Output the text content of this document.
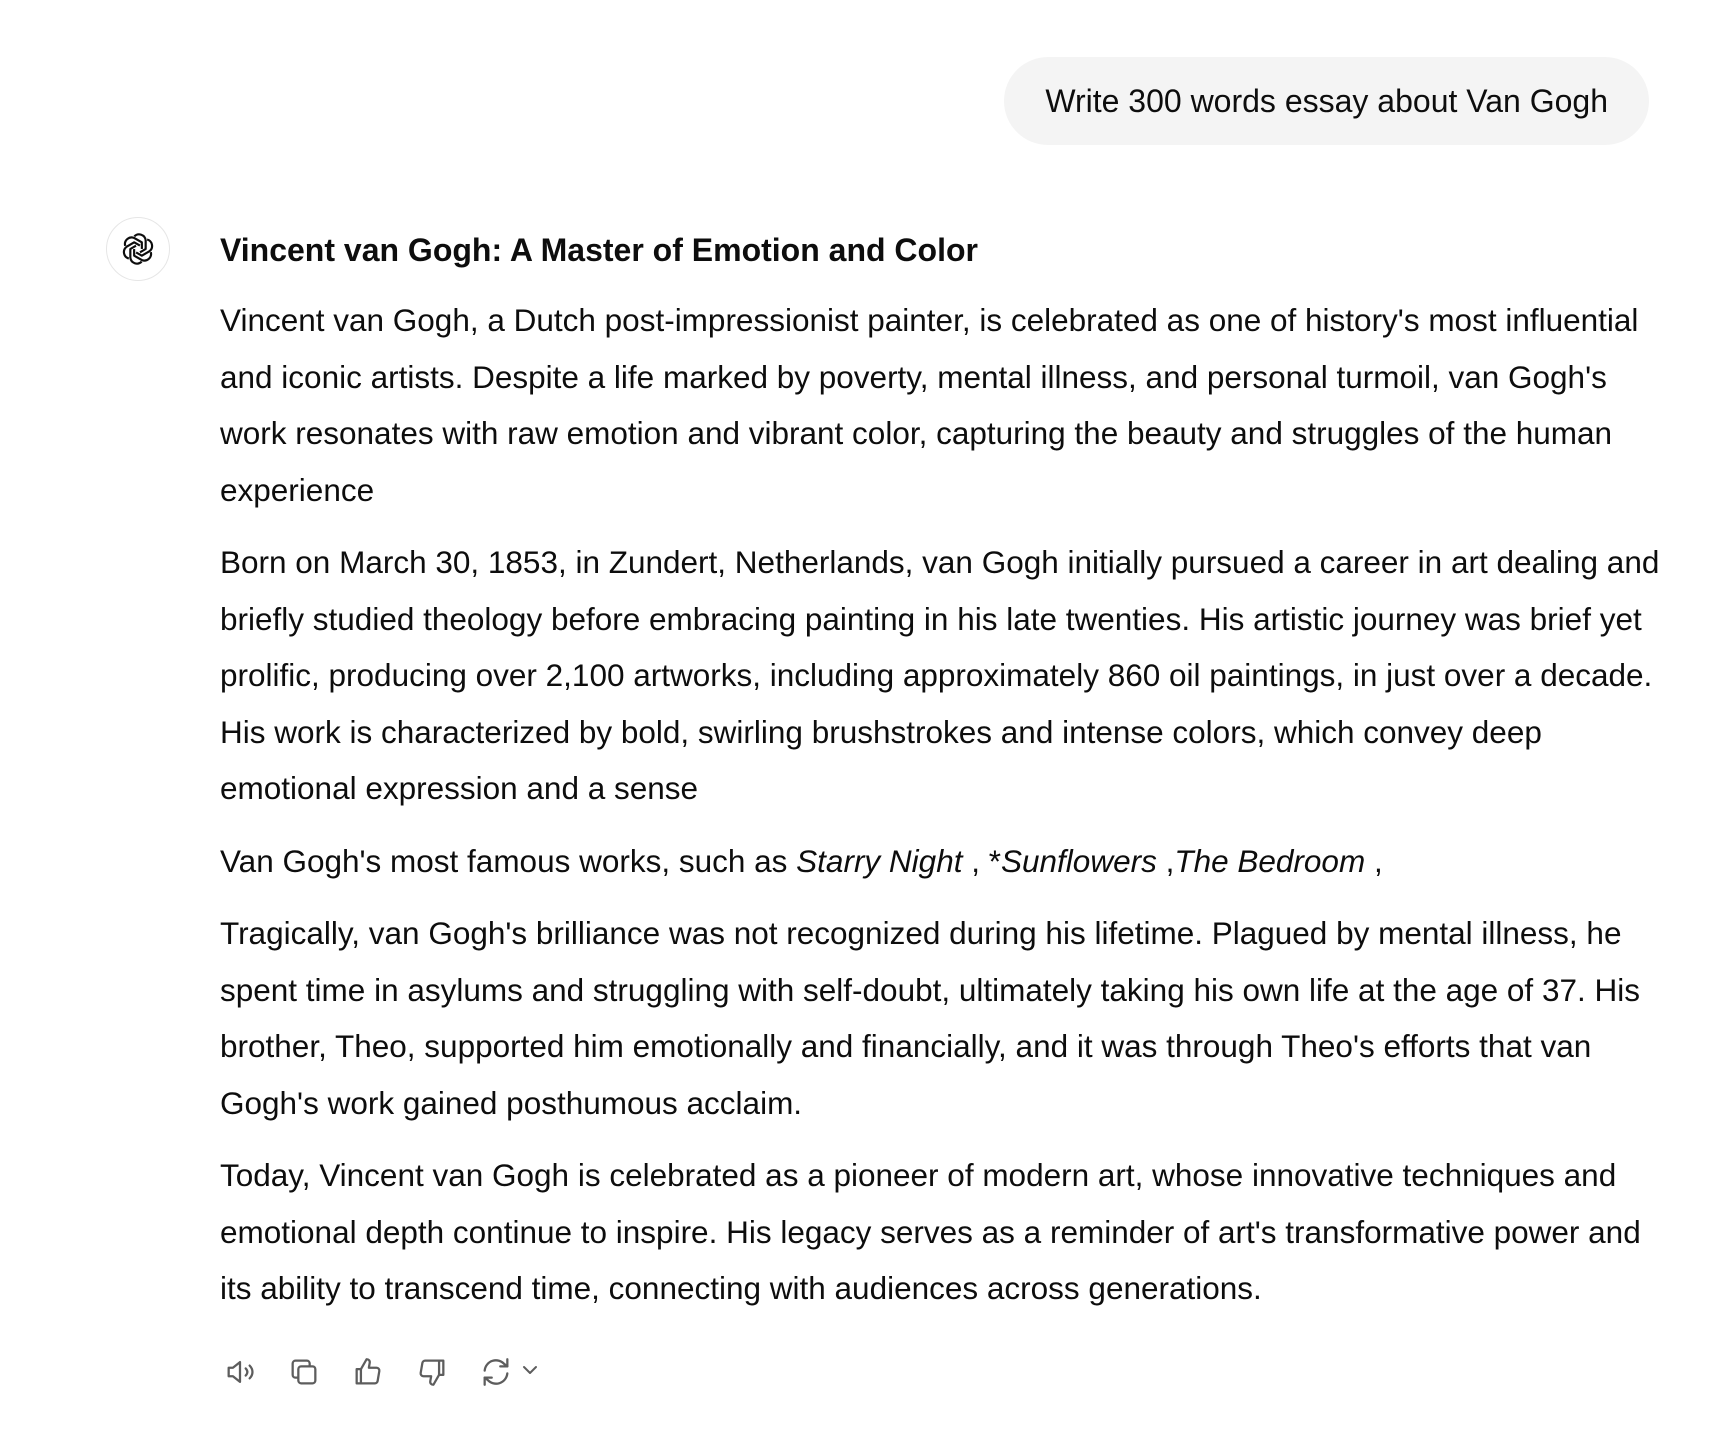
Write 300 words essay about Van Gogh
Vincent van Gogh: A Master of Emotion and Color

Vincent van Gogh, a Dutch post-impressionist painter, is celebrated as one of history's most influential and iconic artists. Despite a life marked by poverty, mental illness, and personal turmoil, van Gogh's work resonates with raw emotion and vibrant color, capturing the beauty and struggles of the human experience

Born on March 30, 1853, in Zundert, Netherlands, van Gogh initially pursued a career in art dealing and briefly studied theology before embracing painting in his late twenties. His artistic journey was brief yet prolific, producing over 2,100 artworks, including approximately 860 oil paintings, in just over a decade. His work is characterized by bold, swirling brushstrokes and intense colors, which convey deep emotional expression and a sense

Van Gogh's most famous works, such as Starry Night , *Sunflowers ,The Bedroom ,

Tragically, van Gogh's brilliance was not recognized during his lifetime. Plagued by mental illness, he spent time in asylums and struggling with self-doubt, ultimately taking his own life at the age of 37. His brother, Theo, supported him emotionally and financially, and it was through Theo's efforts that van Gogh's work gained posthumous acclaim.

Today, Vincent van Gogh is celebrated as a pioneer of modern art, whose innovative techniques and emotional depth continue to inspire. His legacy serves as a reminder of art's transformative power and its ability to transcend time, connecting with audiences across generations.
